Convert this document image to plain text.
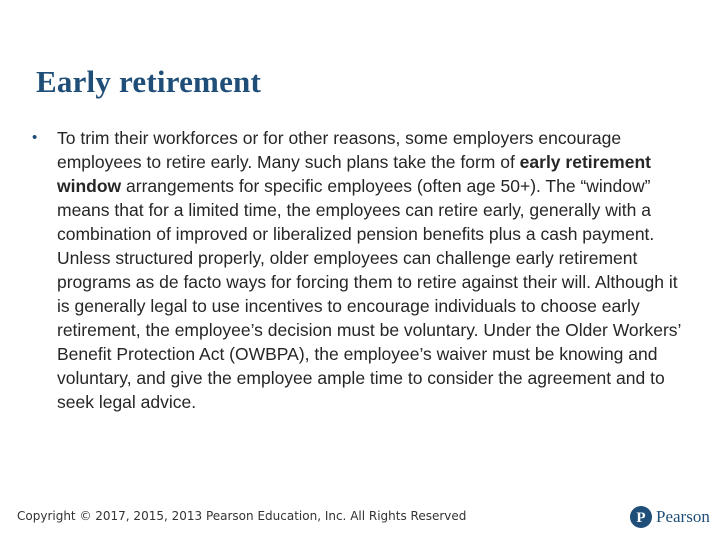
Early retirement
• To trim their workforces or for other reasons, some employers encourage employees to retire early. Many such plans take the form of early retirement window arrangements for specific employees (often age 50+). The “window” means that for a limited time, the employees can retire early, generally with a combination of improved or liberalized pension benefits plus a cash payment. Unless structured properly, older employees can challenge early retirement programs as de facto ways for forcing them to retire against their will. Although it is generally legal to use incentives to encourage individuals to choose early retirement, the employee’s decision must be voluntary. Under the Older Workers’ Benefit Protection Act (OWBPA), the employee’s waiver must be knowing and voluntary, and give the employee ample time to consider the agreement and to seek legal advice.
Copyright © 2017, 2015, 2013 Pearson Education, Inc. All Rights Reserved	P Pearson
